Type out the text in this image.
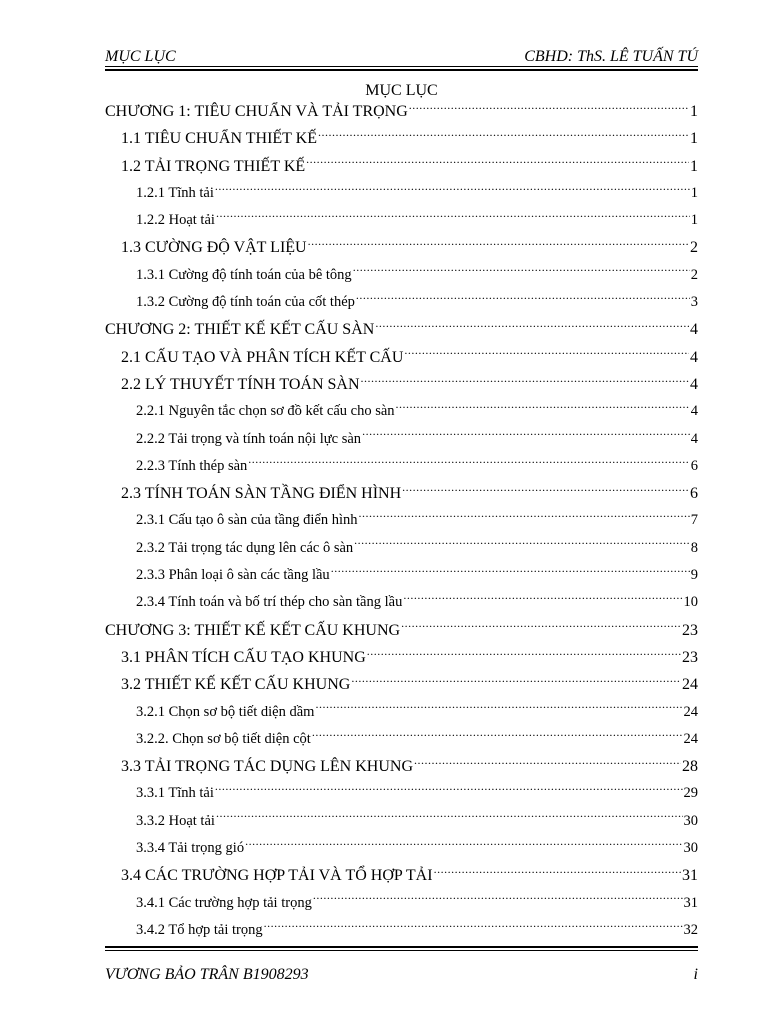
MỤC LỤC	CBHD: ThS. LÊ TUẤN TÚ
MỤC LỤC
CHƯƠNG 1: TIÊU CHUẨN VÀ TẢI TRỌNG .....	1
1.1 TIÊU CHUẨN THIẾT KẾ .....	1
1.2 TẢI TRỌNG THIẾT KẾ .....	1
1.2.1 Tĩnh tải .....	1
1.2.2 Hoạt tải .....	1
1.3 CƯỜNG ĐỘ VẬT LIỆU .....	2
1.3.1 Cường độ tính toán của bê tông .....	2
1.3.2 Cường độ tính toán của cốt thép .....	3
CHƯƠNG 2: THIẾT KẾ KẾT CẤU SÀN .....	4
2.1 CẤU TẠO VÀ PHÂN TÍCH KẾT CẤU .....	4
2.2 LÝ THUYẾT TÍNH TOÁN SÀN .....	4
2.2.1 Nguyên tắc chọn sơ đồ kết cấu cho sàn .....	4
2.2.2 Tải trọng và tính toán nội lực sàn .....	4
2.2.3 Tính thép sàn .....	6
2.3 TÍNH TOÁN SÀN TẦNG ĐIỂN HÌNH .....	6
2.3.1 Cấu tạo ô sàn của tầng điển hình .....	7
2.3.2 Tải trọng tác dụng lên các ô sàn .....	8
2.3.3 Phân loại ô sàn các tầng lầu .....	9
2.3.4 Tính toán và bố trí thép cho sàn tầng lầu .....	10
CHƯƠNG 3: THIẾT KẾ KẾT CẤU KHUNG .....	23
3.1 PHÂN TÍCH CẤU TẠO KHUNG .....	23
3.2 THIẾT KẾ KẾT CẤU KHUNG .....	24
3.2.1 Chọn sơ bộ tiết diện dầm .....	24
3.2.2. Chọn sơ bộ tiết diện cột .....	24
3.3 TẢI TRỌNG TÁC DỤNG LÊN KHUNG .....	28
3.3.1 Tĩnh tải .....	29
3.3.2 Hoạt tải .....	30
3.3.4 Tải trọng gió .....	30
3.4 CÁC TRƯỜNG HỢP TẢI VÀ TỔ HỢP TẢI .....	31
3.4.1 Các trường hợp tải trọng .....	31
3.4.2 Tổ hợp tải trọng .....	32
VƯƠNG BẢO TRÂN B1908293	i
